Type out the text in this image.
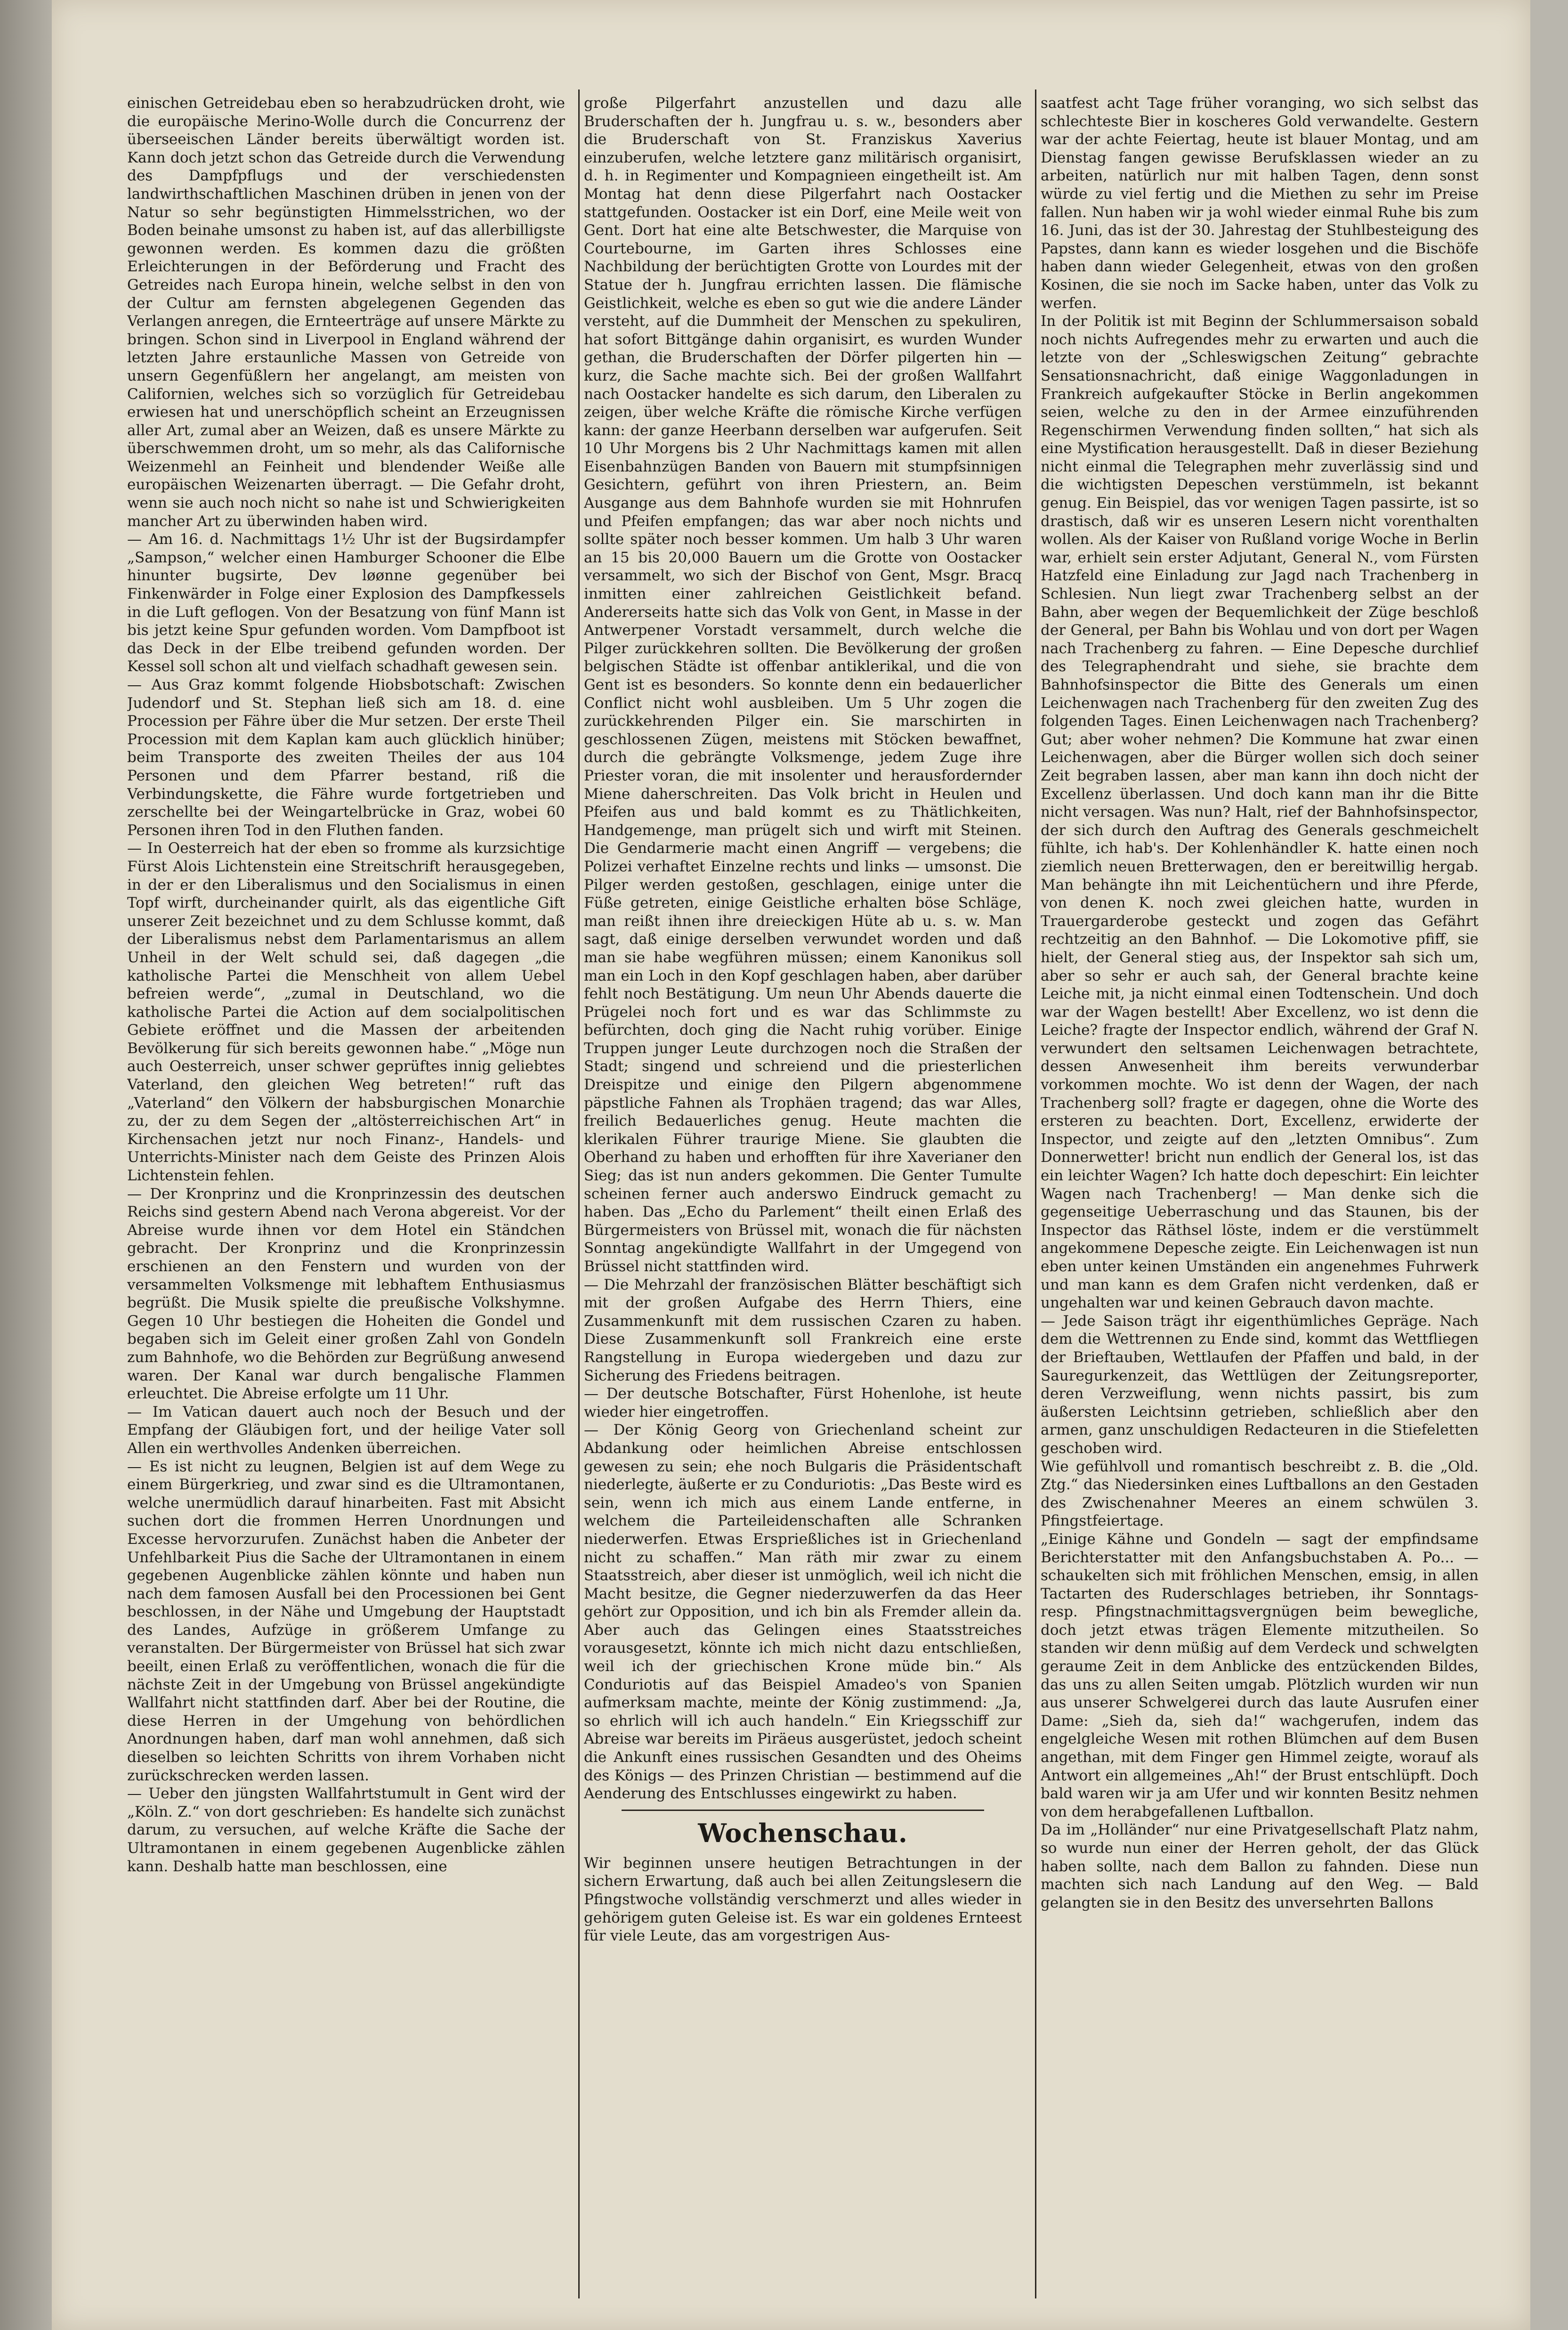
einischen Getreidebau eben so herabzudrücken droht, wie die europäische Merino-Wolle durch die Concurrenz der überseeischen Länder bereits überwältigt worden ist. Kann doch jetzt schon das Getreide durch die Verwendung des Dampfpflugs und der verschiedensten landwirthschaftlichen Maschinen drüben in jenen von der Natur so sehr begünstigten Himmelsstrichen, wo der Boden beinahe umsonst zu haben ist, auf das allerbilligste gewonnen werden. Es kommen dazu die größten Erleichterungen in der Beförderung und Fracht des Getreides nach Europa hinein, welche selbst in den von der Cultur am fernsten abgelegenen Gegenden das Verlangen anregen, die Ernteerträge auf unsere Märkte zu bringen. Schon sind in Liverpool in England während der letzten Jahre erstaunliche Massen von Getreide von unsern Gegenfüßlern her angelangt, am meisten von Californien, welches sich so vorzüglich für Getreidebau erwiesen hat und unerschöpflich scheint an Erzeugnissen aller Art, zumal aber an Weizen, daß es unsere Märkte zu überschwemmen droht, um so mehr, als das Californische Weizenmehl an Feinheit und blendender Weiße alle europäischen Weizenarten überragt. — Die Gefahr droht, wenn sie auch noch nicht so nahe ist und Schwierigkeiten mancher Art zu überwinden haben wird.

— Am 16. d. Nachmittags 1½ Uhr ist der Bugsirdampfer „Sampson,“ welcher einen Hamburger Schooner die Elbe hinunter bugsirte, Dev løønne gegenüber bei Finkenwärder in Folge einer Explosion des Dampfkessels in die Luft geflogen. Von der Besatzung von fünf Mann ist bis jetzt keine Spur gefunden worden. Vom Dampfboot ist das Deck in der Elbe treibend gefunden worden. Der Kessel soll schon alt und vielfach schadhaft gewesen sein.

— Aus Graz kommt folgende Hiobsbotschaft: Zwischen Judendorf und St. Stephan ließ sich am 18. d. eine Procession per Fähre über die Mur setzen. Der erste Theil Procession mit dem Kaplan kam auch glücklich hinüber; beim Transporte des zweiten Theiles der aus 104 Personen und dem Pfarrer bestand, riß die Verbindungskette, die Fähre wurde fortgetrieben und zerschellte bei der Weingartelbrücke in Graz, wobei 60 Personen ihren Tod in den Fluthen fanden.

— In Oesterreich hat der eben so fromme als kurzsichtige Fürst Alois Lichtenstein eine Streitschrift herausgegeben, in der er den Liberalismus und den Socialismus in einen Topf wirft, durcheinander quirlt, als das eigentliche Gift unserer Zeit bezeichnet und zu dem Schlusse kommt, daß der Liberalismus nebst dem Parlamentarismus an allem Unheil in der Welt schuld sei, daß dagegen „die katholische Partei die Menschheit von allem Uebel befreien werde“, „zumal in Deutschland, wo die katholische Partei die Action auf dem socialpolitischen Gebiete eröffnet und die Massen der arbeitenden Bevölkerung für sich bereits gewonnen habe.“ „Möge nun auch Oesterreich, unser schwer geprüftes innig geliebtes Vaterland, den gleichen Weg betreten!“ ruft das „Vaterland“ den Völkern der habsburgischen Monarchie zu, der zu dem Segen der „altösterreichischen Art“ in Kirchensachen jetzt nur noch Finanz-, Handels- und Unterrichts-Minister nach dem Geiste des Prinzen Alois Lichtenstein fehlen.

— Der Kronprinz und die Kronprinzessin des deutschen Reichs sind gestern Abend nach Verona abgereist. Vor der Abreise wurde ihnen vor dem Hotel ein Ständchen gebracht. Der Kronprinz und die Kronprinzessin erschienen an den Fenstern und wurden von der versammelten Volksmenge mit lebhaftem Enthusiasmus begrüßt. Die Musik spielte die preußische Volkshymne. Gegen 10 Uhr bestiegen die Hoheiten die Gondel und begaben sich im Geleit einer großen Zahl von Gondeln zum Bahnhofe, wo die Behörden zur Begrüßung anwesend waren. Der Kanal war durch bengalische Flammen erleuchtet. Die Abreise erfolgte um 11 Uhr.

— Im Vatican dauert auch noch der Besuch und der Empfang der Gläubigen fort, und der heilige Vater soll Allen ein werthvolles Andenken überreichen.

— Es ist nicht zu leugnen, Belgien ist auf dem Wege zu einem Bürgerkrieg, und zwar sind es die Ultramontanen, welche unermüdlich darauf hinarbeiten. Fast mit Absicht suchen dort die frommen Herren Unordnungen und Excesse hervorzurufen. Zunächst haben die Anbeter der Unfehlbarkeit Pius die Sache der Ultramontanen in einem gegebenen Augenblicke zählen könnte und haben nun nach dem famosen Ausfall bei den Processionen bei Gent beschlossen, in der Nähe und Umgebung der Hauptstadt des Landes, Aufzüge in größerem Umfange zu veranstalten. Der Bürgermeister von Brüssel hat sich zwar beeilt, einen Erlaß zu veröffentlichen, wonach die für die nächste Zeit in der Umgebung von Brüssel angekündigte Wallfahrt nicht stattfinden darf. Aber bei der Routine, die diese Herren in der Umgehung von behördlichen Anordnungen haben, darf man wohl annehmen, daß sich dieselben so leichten Schritts von ihrem Vorhaben nicht zurückschrecken werden lassen.

— Ueber den jüngsten Wallfahrtstumult in Gent wird der „Köln. Z.“ von dort geschrieben: Es handelte sich zunächst darum, zu versuchen, auf welche Kräfte die Sache der Ultramontanen in einem gegebenen Augenblicke zählen kann. Deshalb hatte man beschlossen, eine

große Pilgerfahrt anzustellen und dazu alle Bruderschaften der h. Jungfrau u. s. w., besonders aber die Bruderschaft von St. Franziskus Xaverius einzuberufen, welche letztere ganz militärisch organisirt, d. h. in Regimenter und Kompagnieen eingetheilt ist. Am Montag hat denn diese Pilgerfahrt nach Oostacker stattgefunden. Oostacker ist ein Dorf, eine Meile weit von Gent. Dort hat eine alte Betschwester, die Marquise von Courtebourne, im Garten ihres Schlosses eine Nachbildung der berüchtigten Grotte von Lourdes mit der Statue der h. Jungfrau errichten lassen. Die flämische Geistlichkeit, welche es eben so gut wie die andere Länder versteht, auf die Dummheit der Menschen zu spekuliren, hat sofort Bittgänge dahin organisirt, es wurden Wunder gethan, die Bruderschaften der Dörfer pilgerten hin — kurz, die Sache machte sich. Bei der großen Wallfahrt nach Oostacker handelte es sich darum, den Liberalen zu zeigen, über welche Kräfte die römische Kirche verfügen kann: der ganze Heerbann derselben war aufgerufen. Seit 10 Uhr Morgens bis 2 Uhr Nachmittags kamen mit allen Eisenbahnzügen Banden von Bauern mit stumpfsinnigen Gesichtern, geführt von ihren Priestern, an. Beim Ausgange aus dem Bahnhofe wurden sie mit Hohnrufen und Pfeifen empfangen; das war aber noch nichts und sollte später noch besser kommen. Um halb 3 Uhr waren an 15 bis 20,000 Bauern um die Grotte von Oostacker versammelt, wo sich der Bischof von Gent, Msgr. Bracq inmitten einer zahlreichen Geistlichkeit befand. Andererseits hatte sich das Volk von Gent, in Masse in der Antwerpener Vorstadt versammelt, durch welche die Pilger zurückkehren sollten. Die Bevölkerung der großen belgischen Städte ist offenbar antiklerikal, und die von Gent ist es besonders. So konnte denn ein bedauerlicher Conflict nicht wohl ausbleiben. Um 5 Uhr zogen die zurückkehrenden Pilger ein. Sie marschirten in geschlossenen Zügen, meistens mit Stöcken bewaffnet, durch die gebrängte Volksmenge, jedem Zuge ihre Priester voran, die mit insolenter und herausfordernder Miene daherschreiten. Das Volk bricht in Heulen und Pfeifen aus und bald kommt es zu Thätlichkeiten, Handgemenge, man prügelt sich und wirft mit Steinen. Die Gendarmerie macht einen Angriff — vergebens; die Polizei verhaftet Einzelne rechts und links — umsonst. Die Pilger werden gestoßen, geschlagen, einige unter die Füße getreten, einige Geistliche erhalten böse Schläge, man reißt ihnen ihre dreieckigen Hüte ab u. s. w. Man sagt, daß einige derselben verwundet worden und daß man sie habe wegführen müssen; einem Kanonikus soll man ein Loch in den Kopf geschlagen haben, aber darüber fehlt noch Bestätigung. Um neun Uhr Abends dauerte die Prügelei noch fort und es war das Schlimmste zu befürchten, doch ging die Nacht ruhig vorüber. Einige Truppen junger Leute durchzogen noch die Straßen der Stadt; singend und schreiend und die priesterlichen Dreispitze und einige den Pilgern abgenommene päpstliche Fahnen als Trophäen tragend; das war Alles, freilich Bedauerliches genug. Heute machten die klerikalen Führer traurige Miene. Sie glaubten die Oberhand zu haben und erhofften für ihre Xaverianer den Sieg; das ist nun anders gekommen. Die Genter Tumulte scheinen ferner auch anderswo Eindruck gemacht zu haben. Das „Echo du Parlement“ theilt einen Erlaß des Bürgermeisters von Brüssel mit, wonach die für nächsten Sonntag angekündigte Wallfahrt in der Umgegend von Brüssel nicht stattfinden wird.

— Die Mehrzahl der französischen Blätter beschäftigt sich mit der großen Aufgabe des Herrn Thiers, eine Zusammenkunft mit dem russischen Czaren zu haben. Diese Zusammenkunft soll Frankreich eine erste Rangstellung in Europa wiedergeben und dazu zur Sicherung des Friedens beitragen.

— Der deutsche Botschafter, Fürst Hohenlohe, ist heute wieder hier eingetroffen.

— Der König Georg von Griechenland scheint zur Abdankung oder heimlichen Abreise entschlossen gewesen zu sein; ehe noch Bulgaris die Präsidentschaft niederlegte, äußerte er zu Conduriotis: „Das Beste wird es sein, wenn ich mich aus einem Lande entferne, in welchem die Parteileidenschaften alle Schranken niederwerfen. Etwas Ersprießliches ist in Griechenland nicht zu schaffen.“ Man räth mir zwar zu einem Staatsstreich, aber dieser ist unmöglich, weil ich nicht die Macht besitze, die Gegner niederzuwerfen da das Heer gehört zur Opposition, und ich bin als Fremder allein da. Aber auch das Gelingen eines Staatsstreiches vorausgesetzt, könnte ich mich nicht dazu entschließen, weil ich der griechischen Krone müde bin.“ Als Conduriotis auf das Beispiel Amadeo's von Spanien aufmerksam machte, meinte der König zustimmend: „Ja, so ehrlich will ich auch handeln.“ Ein Kriegsschiff zur Abreise war bereits im Piräeus ausgerüstet, jedoch scheint die Ankunft eines russischen Gesandten und des Oheims des Königs — des Prinzen Christian — bestimmend auf die Aenderung des Entschlusses eingewirkt zu haben.

Wochenschau.

Wir beginnen unsere heutigen Betrachtungen in der sichern Erwartung, daß auch bei allen Zeitungslesern die Pfingstwoche vollständig verschmerzt und alles wieder in gehörigem guten Geleise ist. Es war ein goldenes Ernteest für viele Leute, das am vorgestrigen Aus-

saatfest acht Tage früher voranging, wo sich selbst das schlechteste Bier in koscheres Gold verwandelte. Gestern war der achte Feiertag, heute ist blauer Montag, und am Dienstag fangen gewisse Berufsklassen wieder an zu arbeiten, natürlich nur mit halben Tagen, denn sonst würde zu viel fertig und die Miethen zu sehr im Preise fallen. Nun haben wir ja wohl wieder einmal Ruhe bis zum 16. Juni, das ist der 30. Jahrestag der Stuhlbesteigung des Papstes, dann kann es wieder losgehen und die Bischöfe haben dann wieder Gelegenheit, etwas von den großen Kosinen, die sie noch im Sacke haben, unter das Volk zu werfen.

In der Politik ist mit Beginn der Schlummersaison sobald noch nichts Aufregendes mehr zu erwarten und auch die letzte von der „Schleswigschen Zeitung“ gebrachte Sensationsnachricht, daß einige Waggonladungen in Frankreich aufgekaufter Stöcke in Berlin angekommen seien, welche zu den in der Armee einzuführenden Regenschirmen Verwendung finden sollten,“ hat sich als eine Mystification herausgestellt. Daß in dieser Beziehung nicht einmal die Telegraphen mehr zuverlässig sind und die wichtigsten Depeschen verstümmeln, ist bekannt genug. Ein Beispiel, das vor wenigen Tagen passirte, ist so drastisch, daß wir es unseren Lesern nicht vorenthalten wollen. Als der Kaiser von Rußland vorige Woche in Berlin war, erhielt sein erster Adjutant, General N., vom Fürsten Hatzfeld eine Einladung zur Jagd nach Trachenberg in Schlesien. Nun liegt zwar Trachenberg selbst an der Bahn, aber wegen der Bequemlichkeit der Züge beschloß der General, per Bahn bis Wohlau und von dort per Wagen nach Trachenberg zu fahren. — Eine Depesche durchlief des Telegraphendraht und siehe, sie brachte dem Bahnhofsinspector die Bitte des Generals um einen Leichenwagen nach Trachenberg für den zweiten Zug des folgenden Tages. Einen Leichenwagen nach Trachenberg? Gut; aber woher nehmen? Die Kommune hat zwar einen Leichenwagen, aber die Bürger wollen sich doch seiner Zeit begraben lassen, aber man kann ihn doch nicht der Excellenz überlassen. Und doch kann man ihr die Bitte nicht versagen. Was nun? Halt, rief der Bahnhofsinspector, der sich durch den Auftrag des Generals geschmeichelt fühlte, ich hab's. Der Kohlenhändler K. hatte einen noch ziemlich neuen Bretterwagen, den er bereitwillig hergab. Man behängte ihn mit Leichentüchern und ihre Pferde, von denen K. noch zwei gleichen hatte, wurden in Trauergarderobe gesteckt und zogen das Gefährt rechtzeitig an den Bahnhof. — Die Lokomotive pfiff, sie hielt, der General stieg aus, der Inspektor sah sich um, aber so sehr er auch sah, der General brachte keine Leiche mit, ja nicht einmal einen Todtenschein. Und doch war der Wagen bestellt! Aber Excellenz, wo ist denn die Leiche? fragte der Inspector endlich, während der Graf N. verwundert den seltsamen Leichenwagen betrachtete, dessen Anwesenheit ihm bereits verwunderbar vorkommen mochte. Wo ist denn der Wagen, der nach Trachenberg soll? fragte er dagegen, ohne die Worte des ersteren zu beachten. Dort, Excellenz, erwiderte der Inspector, und zeigte auf den „letzten Omnibus“. Zum Donnerwetter! bricht nun endlich der General los, ist das ein leichter Wagen? Ich hatte doch depeschirt: Ein leichter Wagen nach Trachenberg! — Man denke sich die gegenseitige Ueberraschung und das Staunen, bis der Inspector das Räthsel löste, indem er die verstümmelt angekommene Depesche zeigte. Ein Leichenwagen ist nun eben unter keinen Umständen ein angenehmes Fuhrwerk und man kann es dem Grafen nicht verdenken, daß er ungehalten war und keinen Gebrauch davon machte.

— Jede Saison trägt ihr eigenthümliches Gepräge. Nach dem die Wettrennen zu Ende sind, kommt das Wettfliegen der Brieftauben, Wettlaufen der Pfaffen und bald, in der Sauregurkenzeit, das Wettlügen der Zeitungsreporter, deren Verzweiflung, wenn nichts passirt, bis zum äußersten Leichtsinn getrieben, schließlich aber den armen, ganz unschuldigen Redacteuren in die Stiefeletten geschoben wird.

Wie gefühlvoll und romantisch beschreibt z. B. die „Old. Ztg.“ das Niedersinken eines Luftballons an den Gestaden des Zwischenahner Meeres an einem schwülen 3. Pfingstfeiertage.

„Einige Kähne und Gondeln — sagt der empfindsame Berichterstatter mit den Anfangsbuchstaben A. Po... — schaukelten sich mit fröhlichen Menschen, emsig, in allen Tactarten des Ruderschlages betrieben, ihr Sonntags- resp. Pfingstnachmittagsvergnügen beim bewegliche, doch jetzt etwas trägen Elemente mitzutheilen. So standen wir denn müßig auf dem Verdeck und schwelgten geraume Zeit in dem Anblicke des entzückenden Bildes, das uns zu allen Seiten umgab. Plötzlich wurden wir nun aus unserer Schwelgerei durch das laute Ausrufen einer Dame: „Sieh da, sieh da!“ wachgerufen, indem das engelgleiche Wesen mit rothen Blümchen auf dem Busen angethan, mit dem Finger gen Himmel zeigte, worauf als Antwort ein allgemeines „Ah!“ der Brust entschlüpft. Doch bald waren wir ja am Ufer und wir konnten Besitz nehmen von dem herabgefallenen Luftballon.

Da im „Holländer“ nur eine Privatgesellschaft Platz nahm, so wurde nun einer der Herren geholt, der das Glück haben sollte, nach dem Ballon zu fahnden. Diese nun machten sich nach Landung auf den Weg. — Bald gelangten sie in den Besitz des unversehrten Ballons
